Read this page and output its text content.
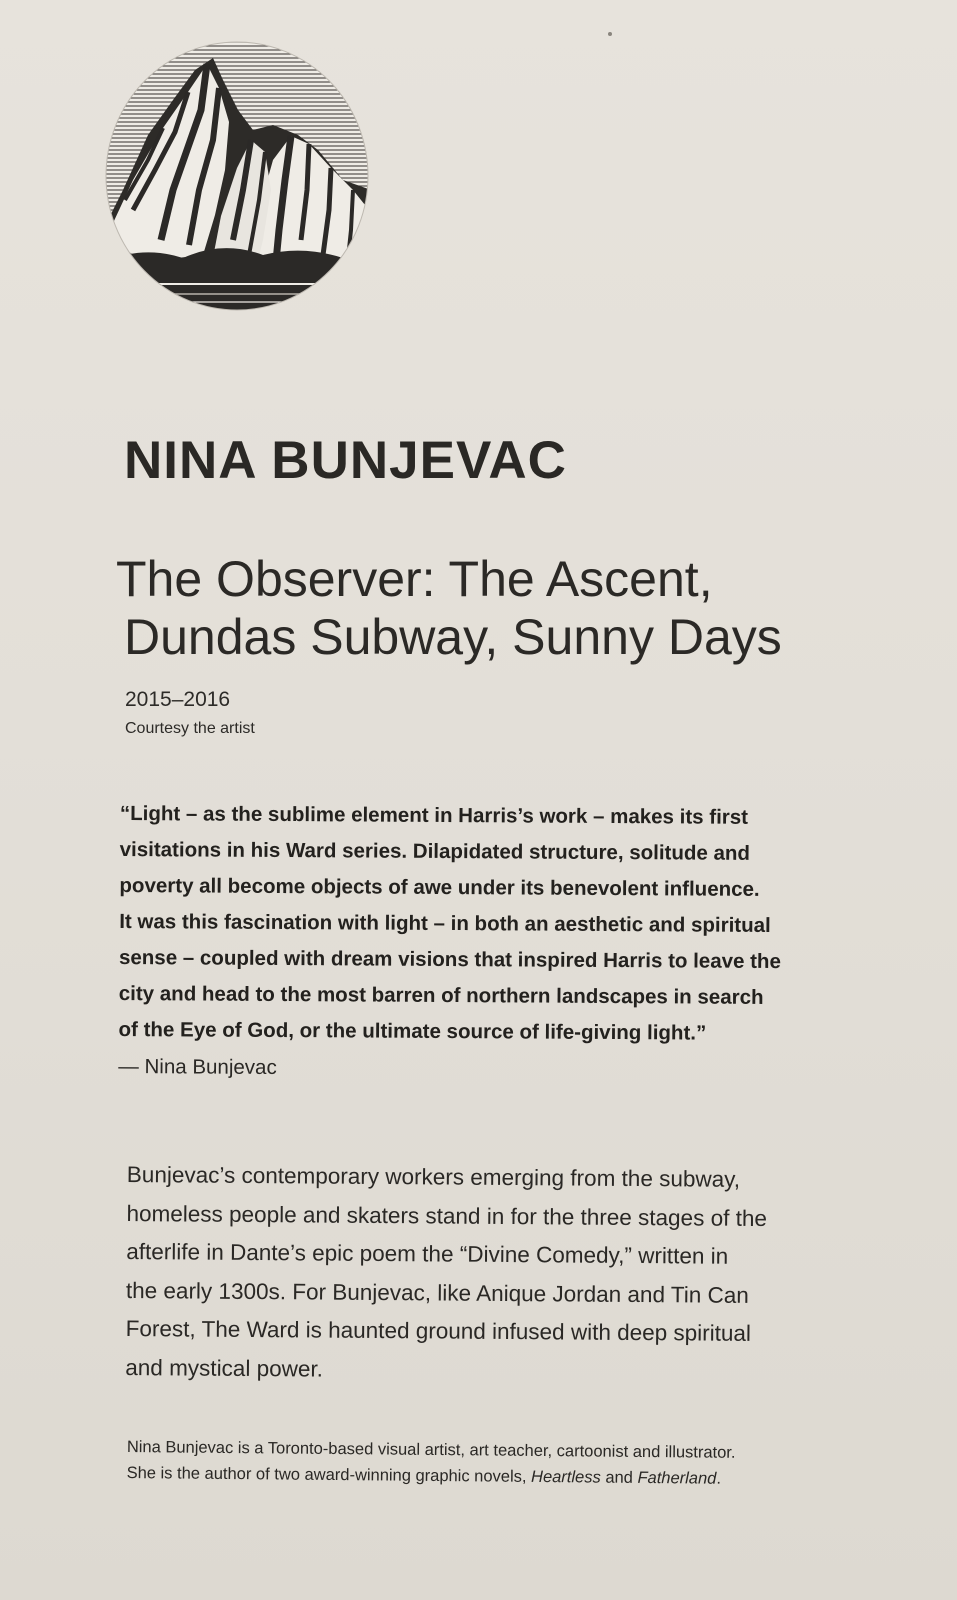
NINA BUNJEVAC
The Observer: The Ascent,
Dundas Subway, Sunny Days
2015–2016
Courtesy the artist
“Light – as the sublime element in Harris’s work – makes its first
visitations in his Ward series. Dilapidated structure, solitude and
poverty all become objects of awe under its benevolent influence.
It was this fascination with light – in both an aesthetic and spiritual
sense – coupled with dream visions that inspired Harris to leave the
city and head to the most barren of northern landscapes in search
of the Eye of God, or the ultimate source of life-giving light.”
— Nina Bunjevac
Bunjevac’s contemporary workers emerging from the subway,
homeless people and skaters stand in for the three stages of the
afterlife in Dante’s epic poem the “Divine Comedy,” written in
the early 1300s. For Bunjevac, like Anique Jordan and Tin Can
Forest, The Ward is haunted ground infused with deep spiritual
and mystical power.
Nina Bunjevac is a Toronto-based visual artist, art teacher, cartoonist and illustrator.
She is the author of two award-winning graphic novels, Heartless and Fatherland.
